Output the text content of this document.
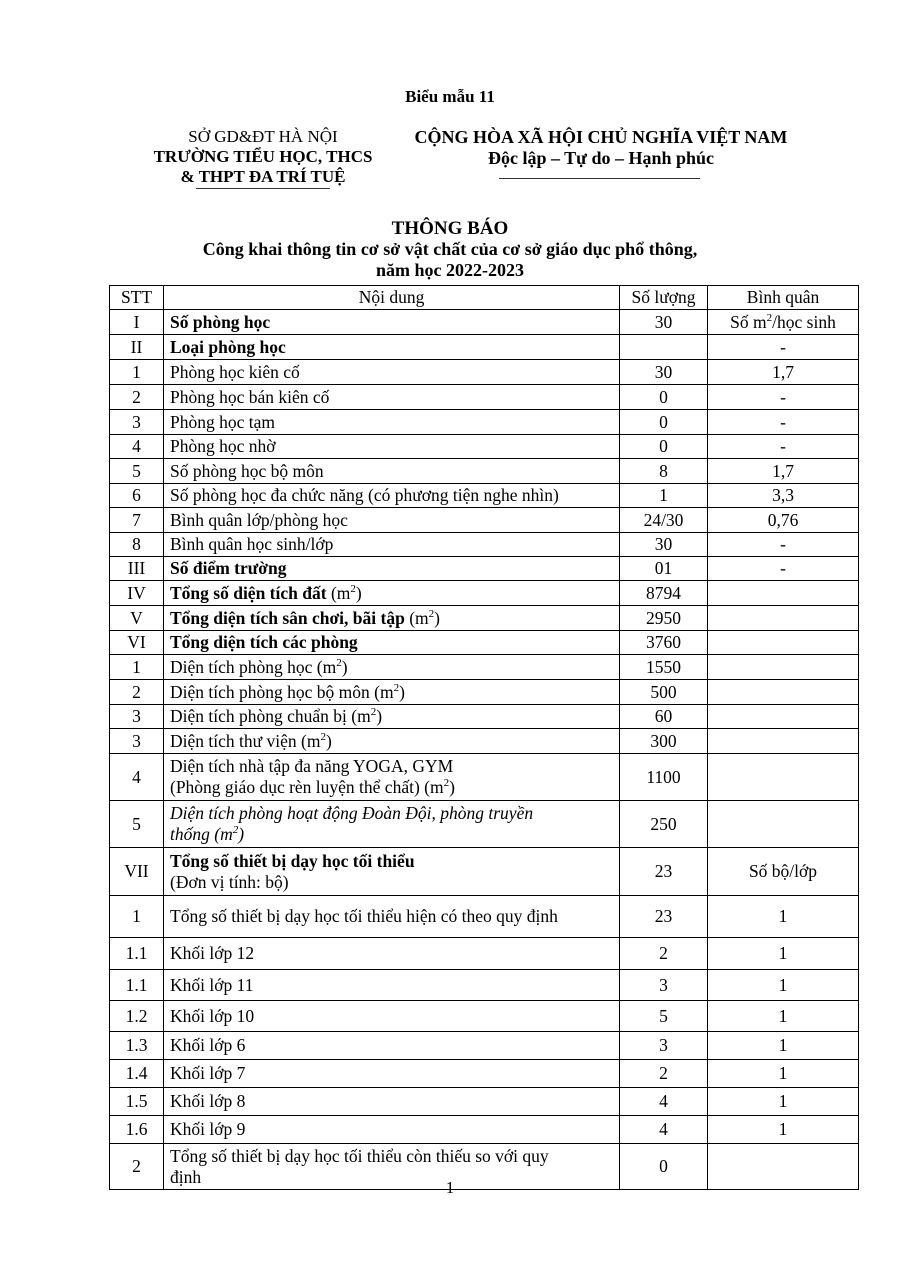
Biểu mẫu 11
SỞ GD&ĐT HÀ NỘI
TRƯỜNG TIỂU HỌC, THCS
& THPT ĐA TRÍ TUỆ
CỘNG HÒA XÃ HỘI CHỦ NGHĨA VIỆT NAM
Độc lập – Tự do – Hạnh phúc
THÔNG BÁO
Công khai thông tin cơ sở vật chất của cơ sở giáo dục phổ thông,
năm học 2022-2023
STT	Nội dung	Số lượng	Bình quân
I	Số phòng học	30	Số $m^2$/học sinh
II	Loại phòng học		-
1	Phòng học kiên cố	30	1,7
2	Phòng học bán kiên cố	0	-
3	Phòng học tạm	0	-
4	Phòng học nhờ	0	-
5	Số phòng học bộ môn	8	1,7
6	Số phòng học đa chức năng (có phương tiện nghe nhìn)	1	3,3
7	Bình quân lớp/phòng học	24/30	0,76
8	Bình quân học sinh/lớp	30	-
III	Số điểm trường	01	-
IV	Tổng số diện tích đất $(m^2)$	8794	
V	Tổng diện tích sân chơi, bãi tập $(m^2)$	2950	
VI	Tổng diện tích các phòng	3760	
1	Diện tích phòng học $(m^2)$	1550	
2	Diện tích phòng học bộ môn $(m^2)$	500	
3	Diện tích phòng chuẩn bị $(m^2)$	60	
3	Diện tích thư viện $(m^2)$	300	
4	Diện tích nhà tập đa năng YOGA, GYM
(Phòng giáo dục rèn luyện thể chất) $(m^2)$	1100	
5	Diện tích phòng hoạt động Đoàn Đội, phòng truyền
thống $(m^2)$	250	
VII	Tổng số thiết bị dạy học tối thiểu
(Đơn vị tính: bộ)	23	Số bộ/lớp
1	Tổng số thiết bị dạy học tối thiểu hiện có theo quy định	23	1
1.1	Khối lớp 12	2	1
1.1	Khối lớp 11	3	1
1.2	Khối lớp 10	5	1
1.3	Khối lớp 6	3	1
1.4	Khối lớp 7	2	1
1.5	Khối lớp 8	4	1
1.6	Khối lớp 9	4	1
2	Tổng số thiết bị dạy học tối thiểu còn thiếu so với quy
định	0	
1
